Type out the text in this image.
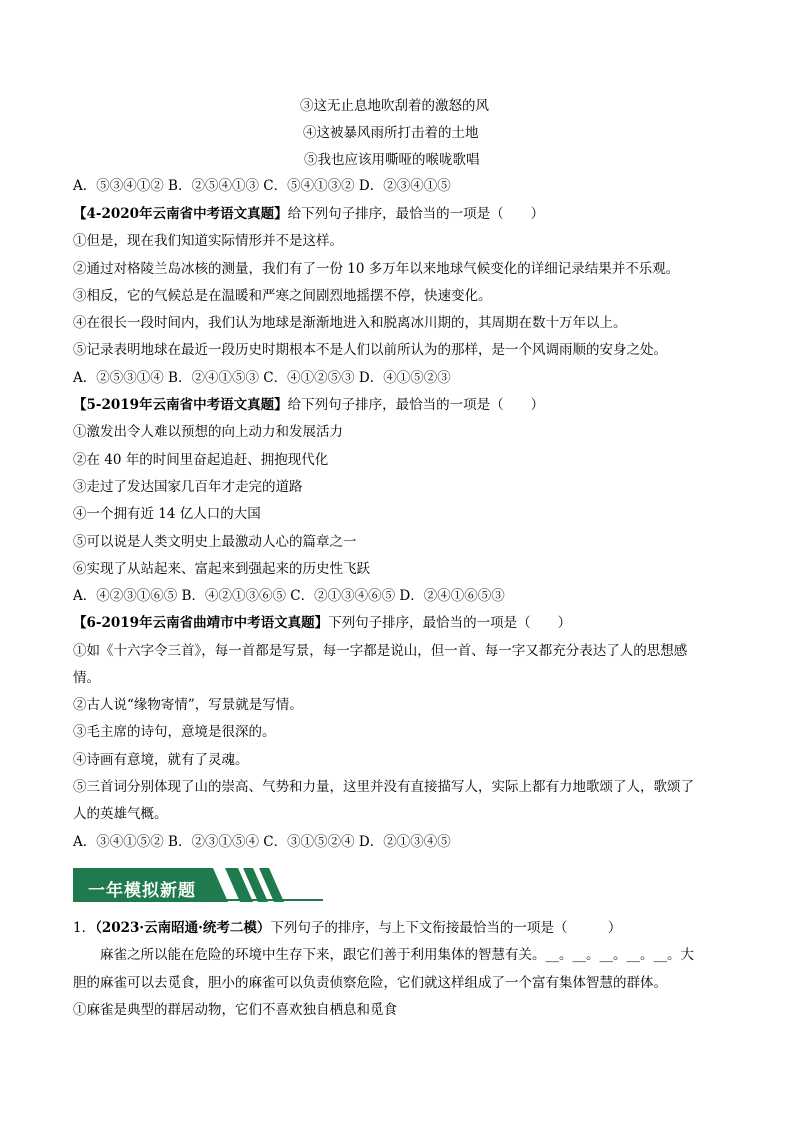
③这无止息地吹刮着的激怒的风
④这被暴风雨所打击着的土地
⑤我也应该用嘶哑的喉咙歌唱
A．⑤③④①② B．②⑤④①③ C．⑤④①③② D．②③④①⑤
【4-2020年云南省中考语文真题】给下列句子排序，最恰当的一项是（　　）
①但是，现在我们知道实际情形并不是这样。
②通过对格陵兰岛冰核的测量，我们有了一份 10 多万年以来地球气候变化的详细记录结果并不乐观。
③相反，它的气候总是在温暖和严寒之间剧烈地摇摆不停，快速变化。
④在很长一段时间内，我们认为地球是渐渐地进入和脱离冰川期的，其周期在数十万年以上。
⑤记录表明地球在最近一段历史时期根本不是人们以前所认为的那样，是一个风调雨顺的安身之处。
A．②⑤③①④ B．②④①⑤③ C．④①②⑤③ D．④①⑤②③
【5-2019年云南省中考语文真题】给下列句子排序，最恰当的一项是（　　）
①激发出令人难以预想的向上动力和发展活力
②在 40 年的时间里奋起追赶、拥抱现代化
③走过了发达国家几百年才走完的道路
④一个拥有近 14 亿人口的大国
⑤可以说是人类文明史上最激动人心的篇章之一
⑥实现了从站起来、富起来到强起来的历史性飞跃
A．④②③①⑥⑤ B．④②①③⑥⑤ C．②①③④⑥⑤ D．②④①⑥⑤③
【6-2019年云南省曲靖市中考语文真题】下列句子排序，最恰当的一项是（　　）
①如《十六字令三首》，每一首都是写景，每一字都是说山，但一首、每一字又都充分表达了人的思想感
情。
②古人说“缘物寄情”，写景就是写情。
③毛主席的诗句，意境是很深的。
④诗画有意境，就有了灵魂。
⑤三首词分别体现了山的崇高、气势和力量，这里并没有直接描写人，实际上都有力地歌颂了人，歌颂了
人的英雄气概。
A．③④①⑤② B．②③①⑤④ C．③①⑤②④ D．②①③④⑤
一年模拟新题
1．（2023·云南昭通·统考二模）下列句子的排序，与上下文衔接最恰当的一项是（　　　）
麻雀之所以能在危险的环境中生存下来，跟它们善于利用集体的智慧有关。__。__。__。__。__。大
胆的麻雀可以去觅食，胆小的麻雀可以负责侦察危险，它们就这样组成了一个富有集体智慧的群体。
①麻雀是典型的群居动物，它们不喜欢独自栖息和觅食
